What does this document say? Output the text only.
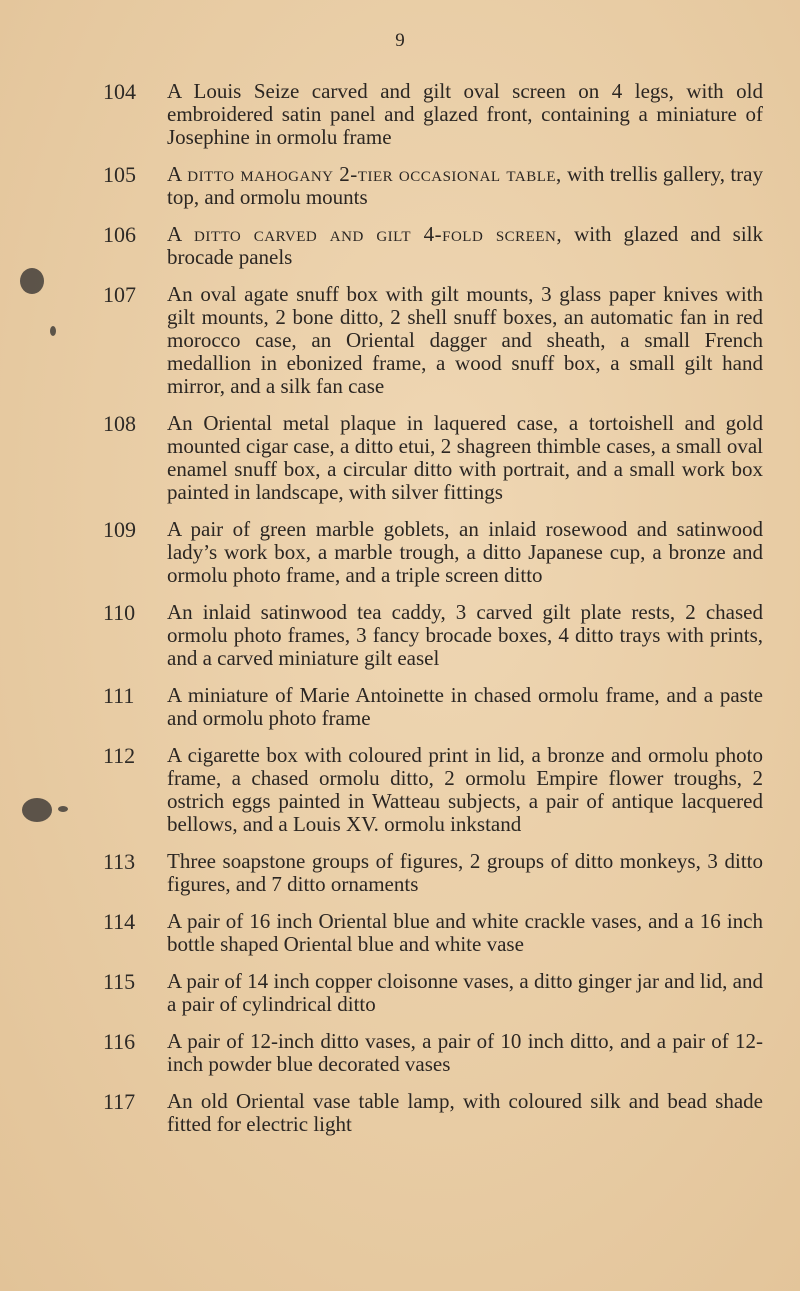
9
104	A Louis Seize carved and gilt oval screen on 4 legs, with old embroidered satin panel and glazed front, containing a miniature of Josephine in ormolu frame
105	A ditto mahogany 2-tier occasional table, with trellis gallery, tray top, and ormolu mounts
106	A ditto carved and gilt 4-fold screen, with glazed and silk brocade panels
107	An oval agate snuff box with gilt mounts, 3 glass paper knives with gilt mounts, 2 bone ditto, 2 shell snuff boxes, an automatic fan in red morocco case, an Oriental dagger and sheath, a small French medallion in ebonized frame, a wood snuff box, a small gilt hand mirror, and a silk fan case
108	An Oriental metal plaque in laquered case, a tortoishell and gold mounted cigar case, a ditto etui, 2 shagreen thimble cases, a small oval enamel snuff box, a circular ditto with portrait, and a small work box painted in landscape, with silver fittings
109	A pair of green marble goblets, an inlaid rosewood and satinwood lady’s work box, a marble trough, a ditto Japanese cup, a bronze and ormolu photo frame, and a triple screen ditto
110	An inlaid satinwood tea caddy, 3 carved gilt plate rests, 2 chased ormolu photo frames, 3 fancy brocade boxes, 4 ditto trays with prints, and a carved miniature gilt easel
111	A miniature of Marie Antoinette in chased ormolu frame, and a paste and ormolu photo frame
112	A cigarette box with coloured print in lid, a bronze and ormolu photo frame, a chased ormolu ditto, 2 ormolu Empire flower troughs, 2 ostrich eggs painted in Watteau subjects, a pair of antique lacquered bellows, and a Louis XV. ormolu inkstand
113	Three soapstone groups of figures, 2 groups of ditto monkeys, 3 ditto figures, and 7 ditto ornaments
114	A pair of 16 inch Oriental blue and white crackle vases, and a 16 inch bottle shaped Oriental blue and white vase
115	A pair of 14 inch copper cloisonne vases, a ditto ginger jar and lid, and a pair of cylindrical ditto
116	A pair of 12-inch ditto vases, a pair of 10 inch ditto, and a pair of 12-inch powder blue decorated vases
117	An old Oriental vase table lamp, with coloured silk and bead shade fitted for electric light
